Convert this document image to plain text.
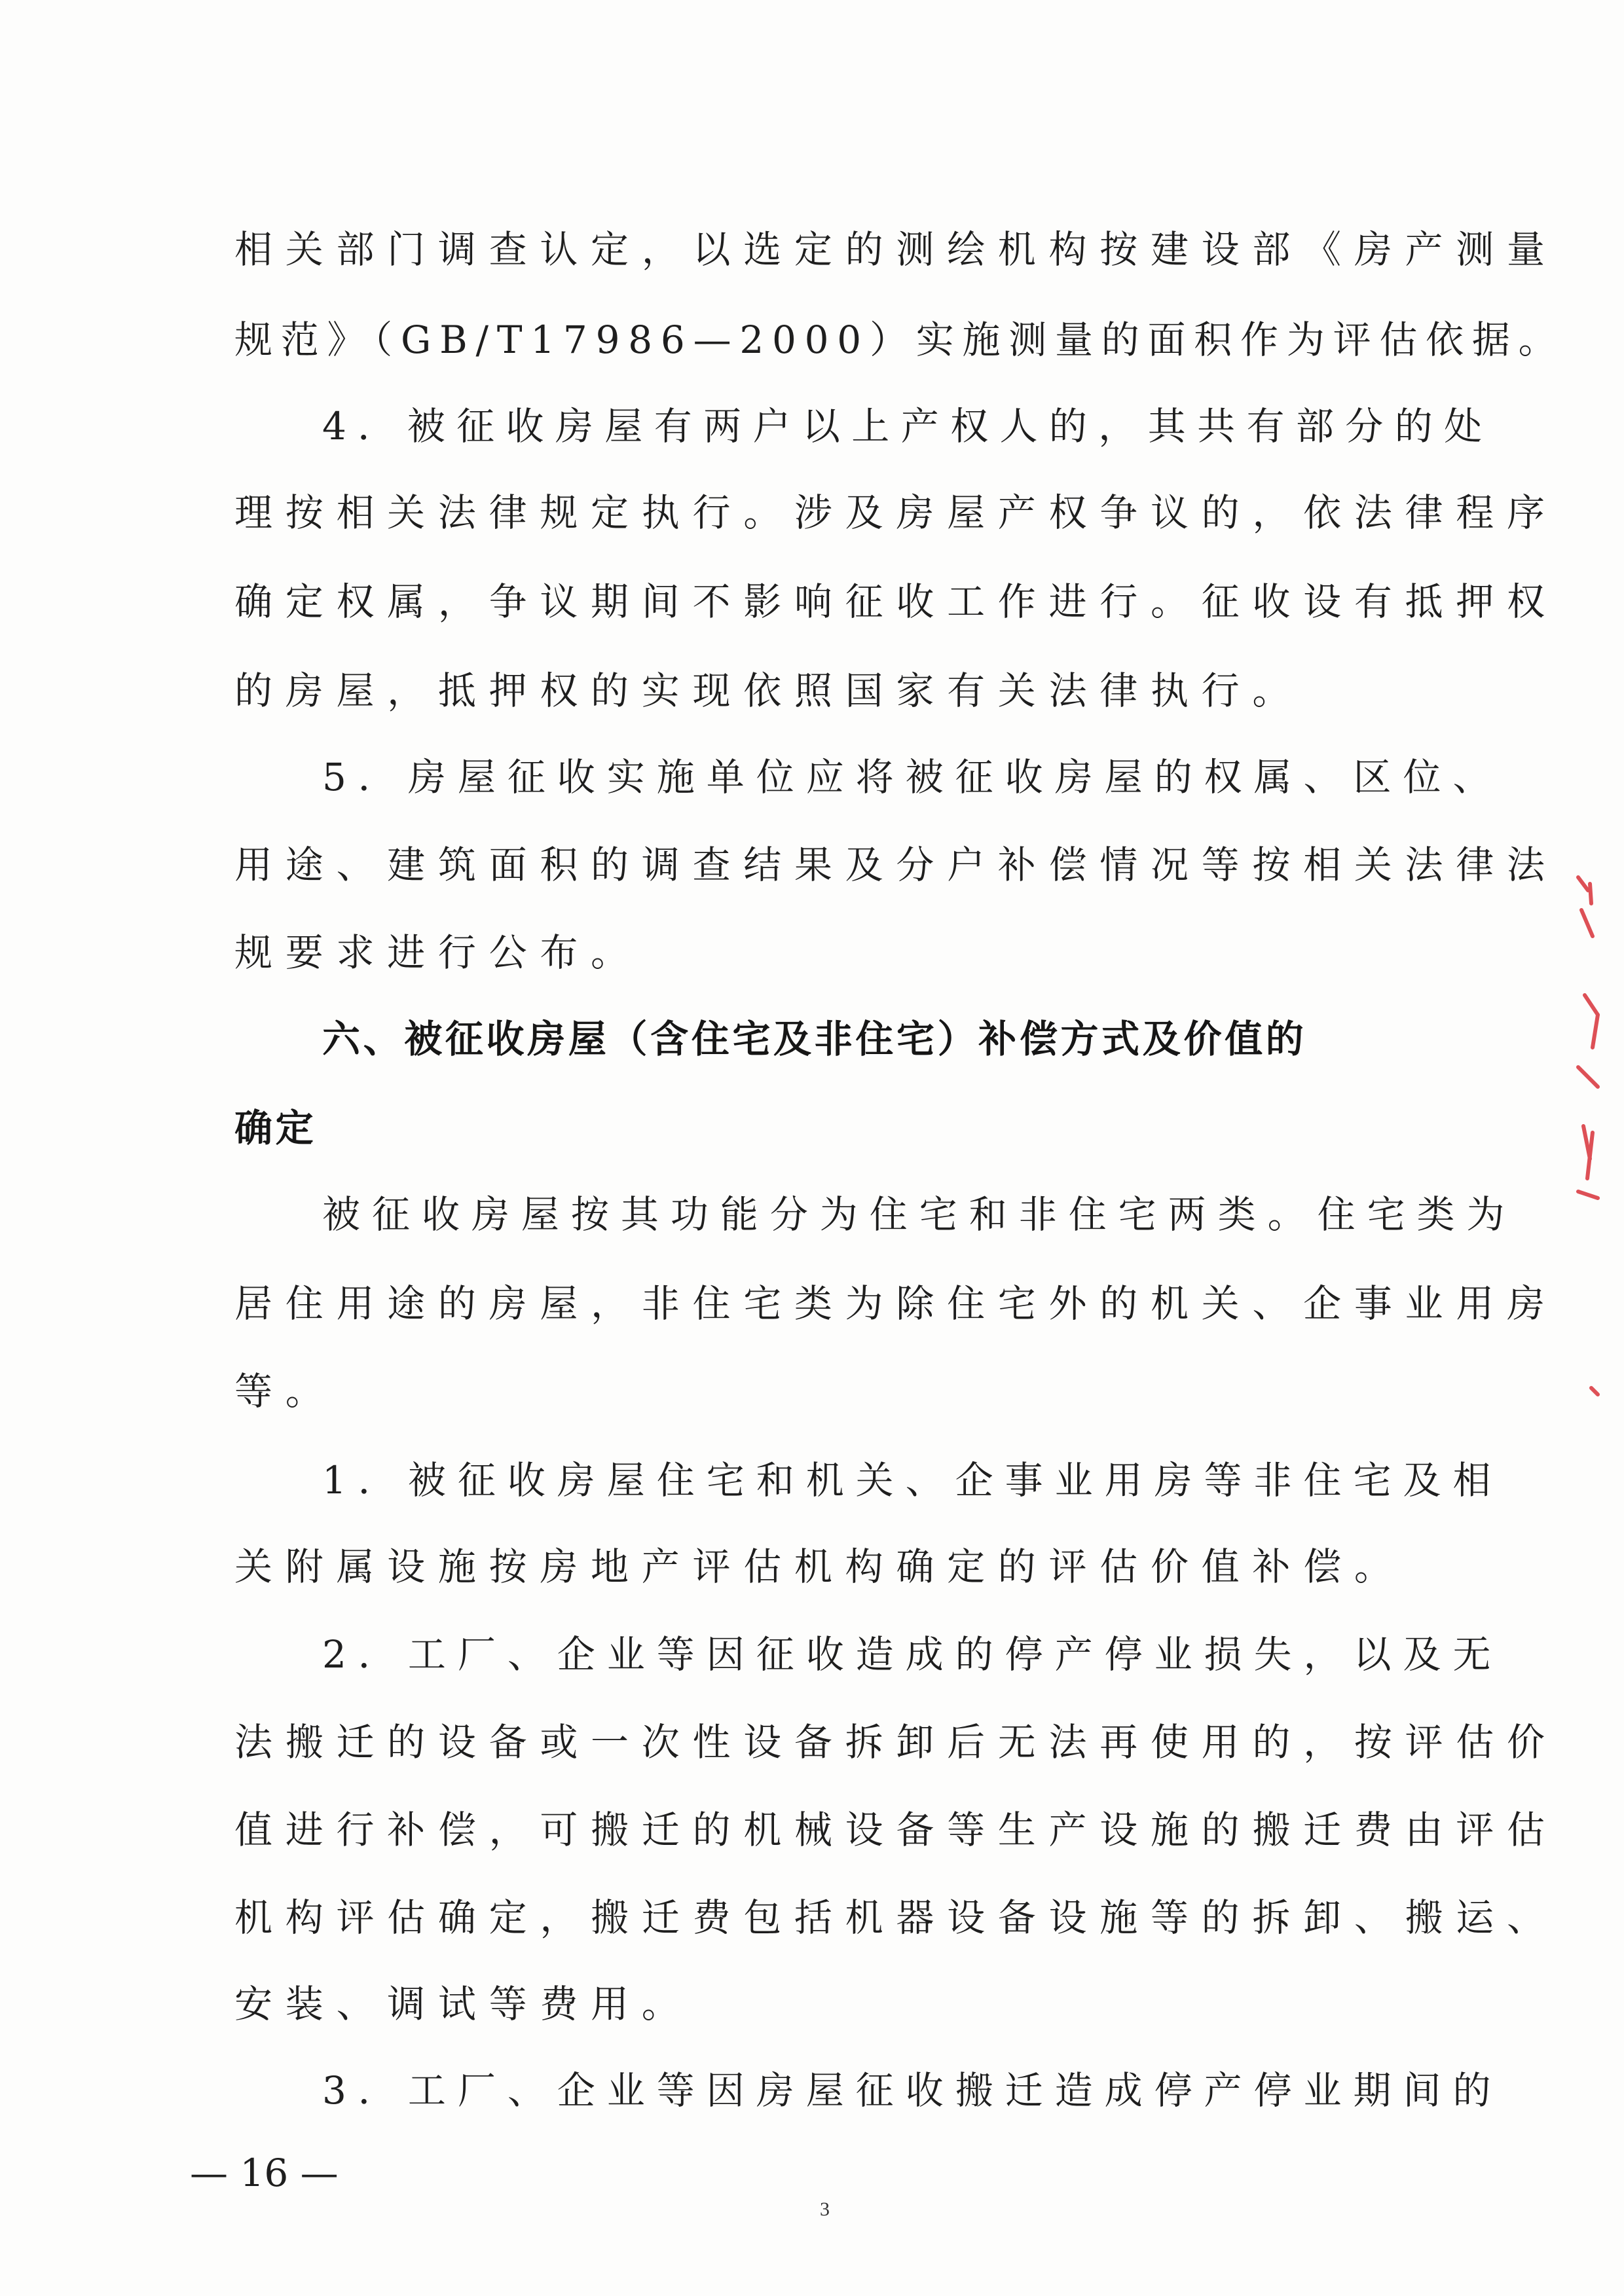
相关部门调查认定，以选定的测绘机构按建设部《房产测量
规范》（GB/T17986—2000）实施测量的面积作为评估依据。
4．被征收房屋有两户以上产权人的，其共有部分的处
理按相关法律规定执行。涉及房屋产权争议的，依法律程序
确定权属，争议期间不影响征收工作进行。征收设有抵押权
的房屋，抵押权的实现依照国家有关法律执行。
5．房屋征收实施单位应将被征收房屋的权属、区位、
用途、建筑面积的调查结果及分户补偿情况等按相关法律法
规要求进行公布。
六、被征收房屋（含住宅及非住宅）补偿方式及价值的
确定
被征收房屋按其功能分为住宅和非住宅两类。住宅类为
居住用途的房屋，非住宅类为除住宅外的机关、企事业用房
等。
1．被征收房屋住宅和机关、企事业用房等非住宅及相
关附属设施按房地产评估机构确定的评估价值补偿。
2．工厂、企业等因征收造成的停产停业损失，以及无
法搬迁的设备或一次性设备拆卸后无法再使用的，按评估价
值进行补偿，可搬迁的机械设备等生产设施的搬迁费由评估
机构评估确定，搬迁费包括机器设备设施等的拆卸、搬运、
安装、调试等费用。
3．工厂、企业等因房屋征收搬迁造成停产停业期间的
— 16 —
3
